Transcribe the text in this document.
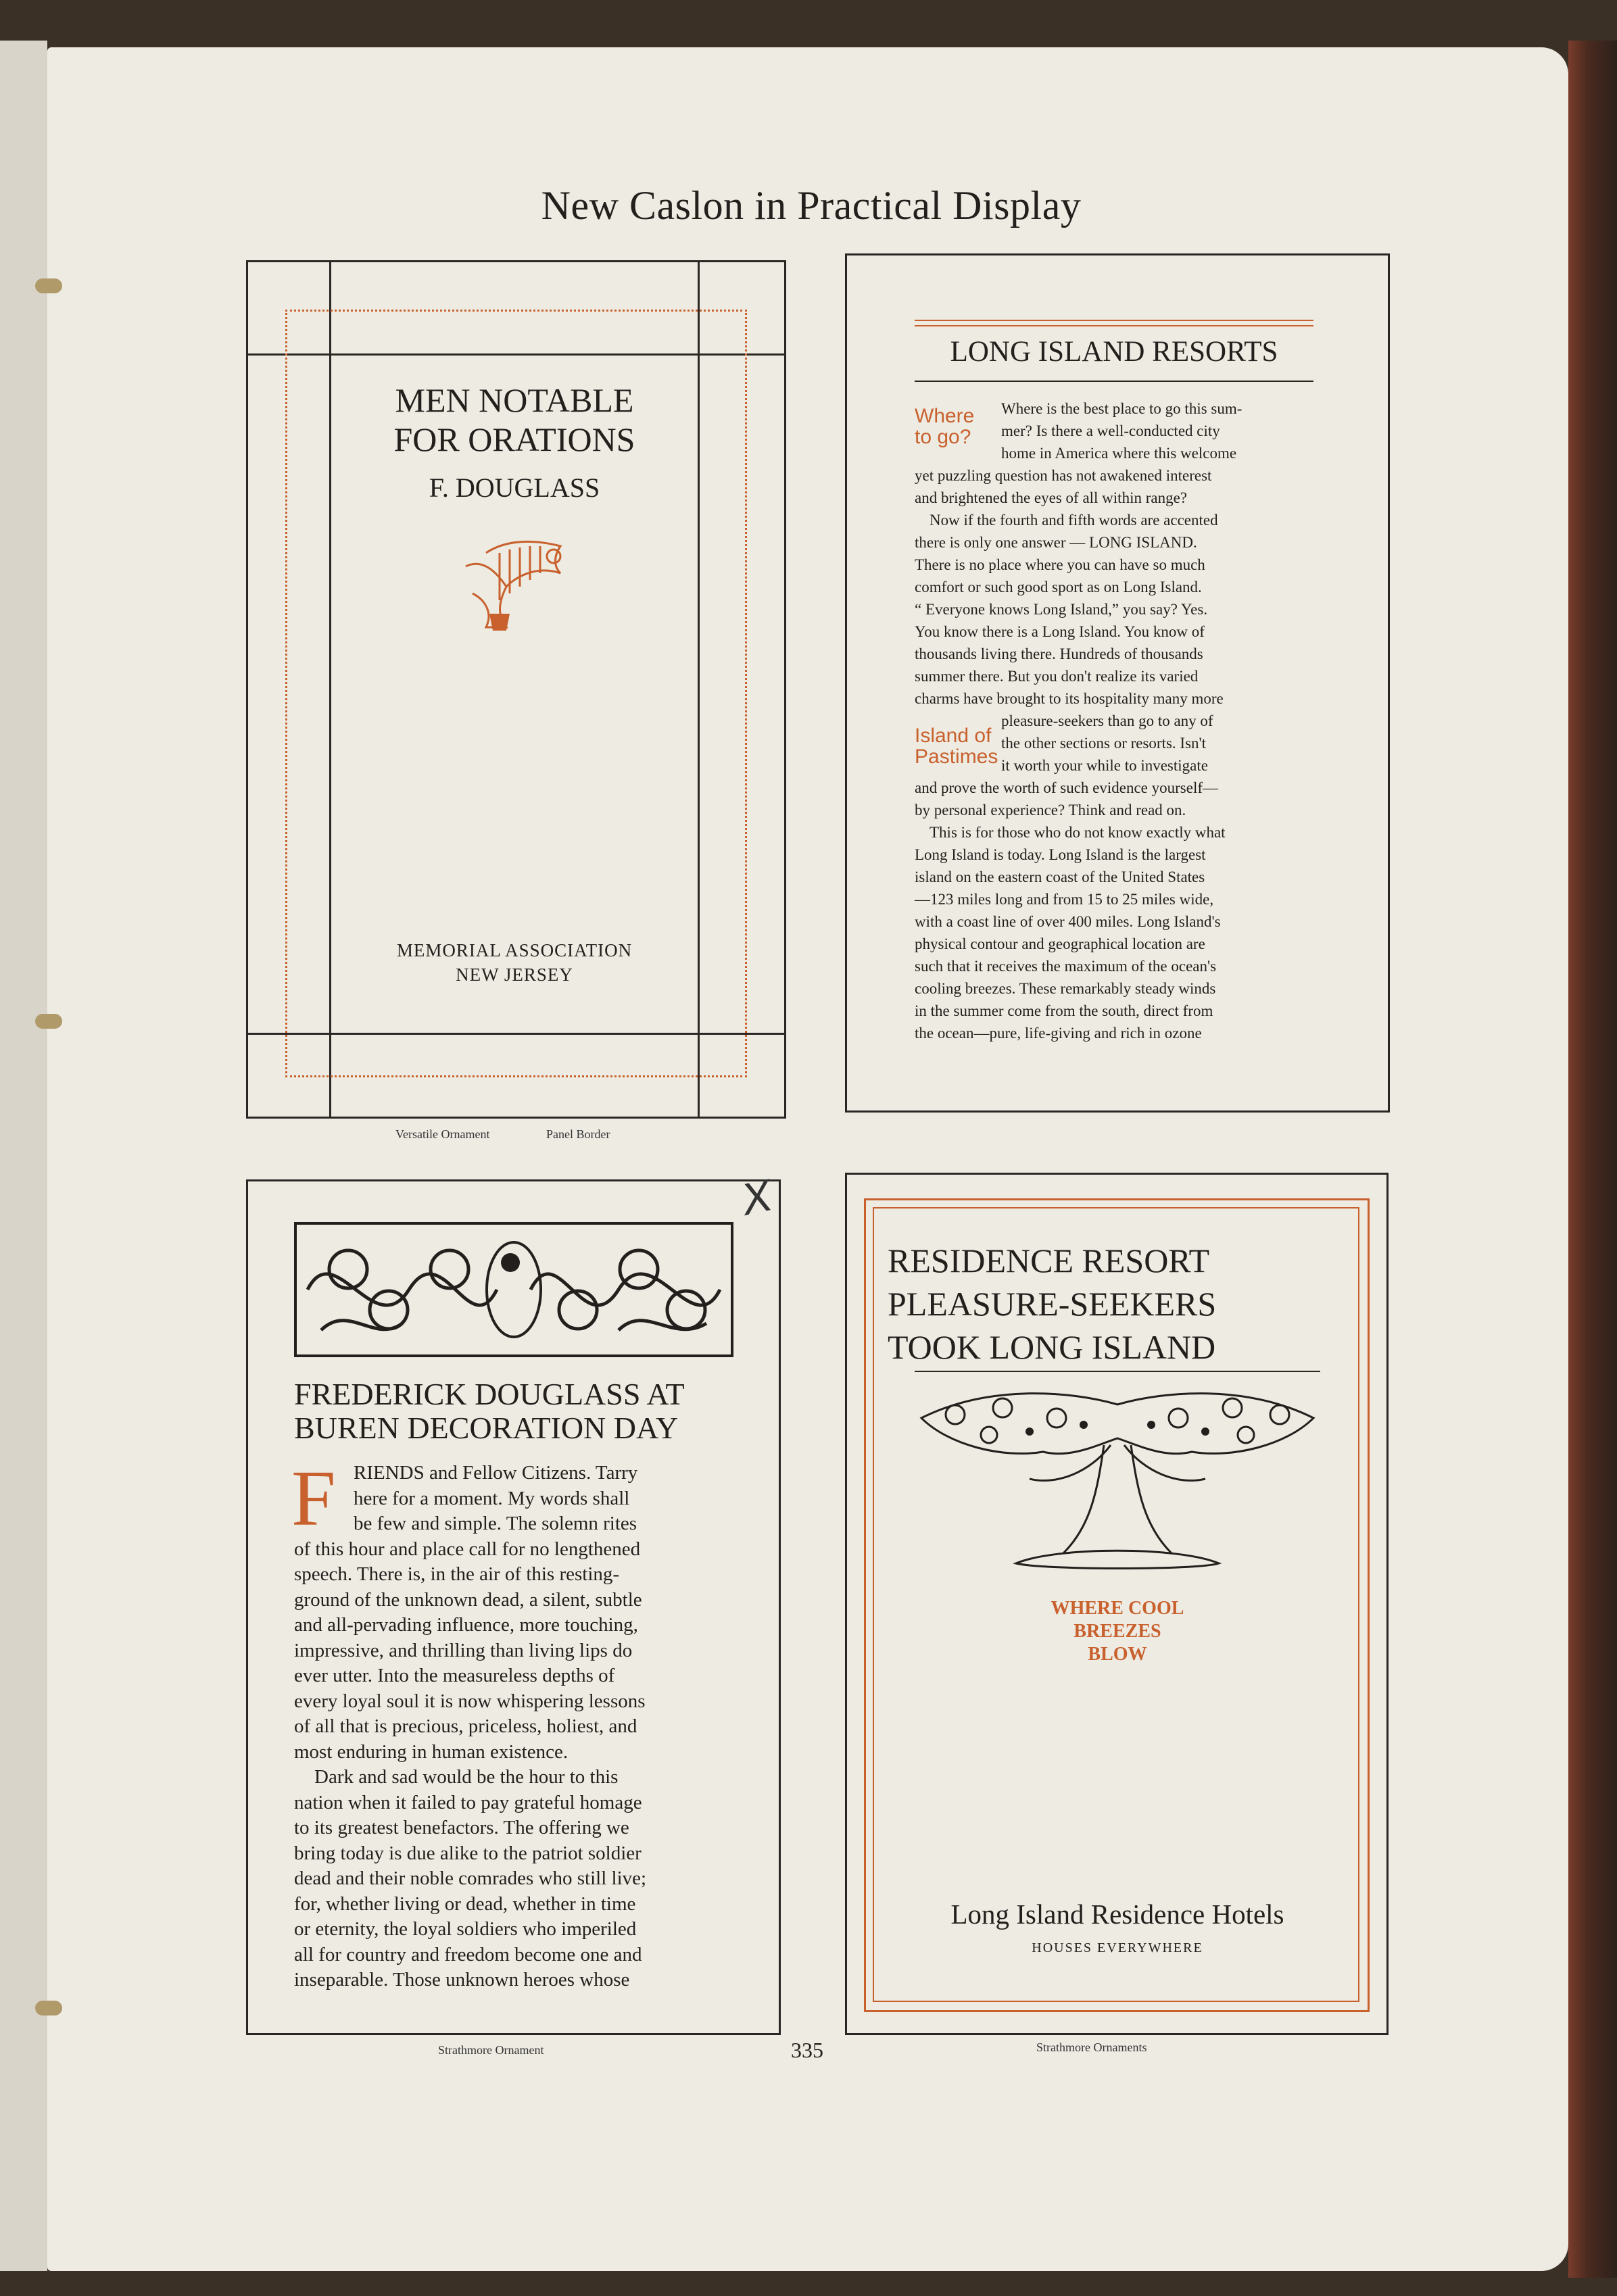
New Caslon in Practical Display
MEN NOTABLE
FOR ORATIONS
F. DOUGLASS
MEMORIAL ASSOCIATION
NEW JERSEY
Versatile Ornament	Panel Border
LONG ISLAND RESORTS
Where
to go?
Island of
Pastimes
Where is the best place to go this sum-
mer? Is there a well-conducted city
home in America where this welcome
yet puzzling question has not awakened interest
and brightened the eyes of all within range?
Now if the fourth and fifth words are accented
there is only one answer — LONG ISLAND.
There is no place where you can have so much
comfort or such good sport as on Long Island.
“ Everyone knows Long Island,” you say? Yes.
You know there is a Long Island. You know of
thousands living there. Hundreds of thousands
summer there. But you don't realize its varied
charms have brought to its hospitality many more
pleasure-seekers than go to any of
the other sections or resorts. Isn't
it worth your while to investigate
and prove the worth of such evidence yourself—
by personal experience? Think and read on.
This is for those who do not know exactly what
Long Island is today. Long Island is the largest
island on the eastern coast of the United States
—123 miles long and from 15 to 25 miles wide,
with a coast line of over 400 miles. Long Island's
physical contour and geographical location are
such that it receives the maximum of the ocean's
cooling breezes. These remarkably steady winds
in the summer come from the south, direct from
the ocean—pure, life-giving and rich in ozone
FREDERICK DOUGLASS AT
BUREN DECORATION DAY
F RIENDS and Fellow Citizens. Tarry
here for a moment. My words shall
be few and simple. The solemn rites
of this hour and place call for no lengthened
speech. There is, in the air of this resting-
ground of the unknown dead, a silent, subtle
and all-pervading influence, more touching,
impressive, and thrilling than living lips do
ever utter. Into the measureless depths of
every loyal soul it is now whispering lessons
of all that is precious, priceless, holiest, and
most enduring in human existence.
Dark and sad would be the hour to this
nation when it failed to pay grateful homage
to its greatest benefactors. The offering we
bring today is due alike to the patriot soldier
dead and their noble comrades who still live;
for, whether living or dead, whether in time
or eternity, the loyal soldiers who imperiled
all for country and freedom become one and
inseparable. Those unknown heroes whose
X
Strathmore Ornament	335
RESIDENCE RESORT
PLEASURE-SEEKERS
TOOK LONG ISLAND
WHERE COOL
BREEZES
BLOW
Long Island Residence Hotels
HOUSES EVERYWHERE
Strathmore Ornaments
